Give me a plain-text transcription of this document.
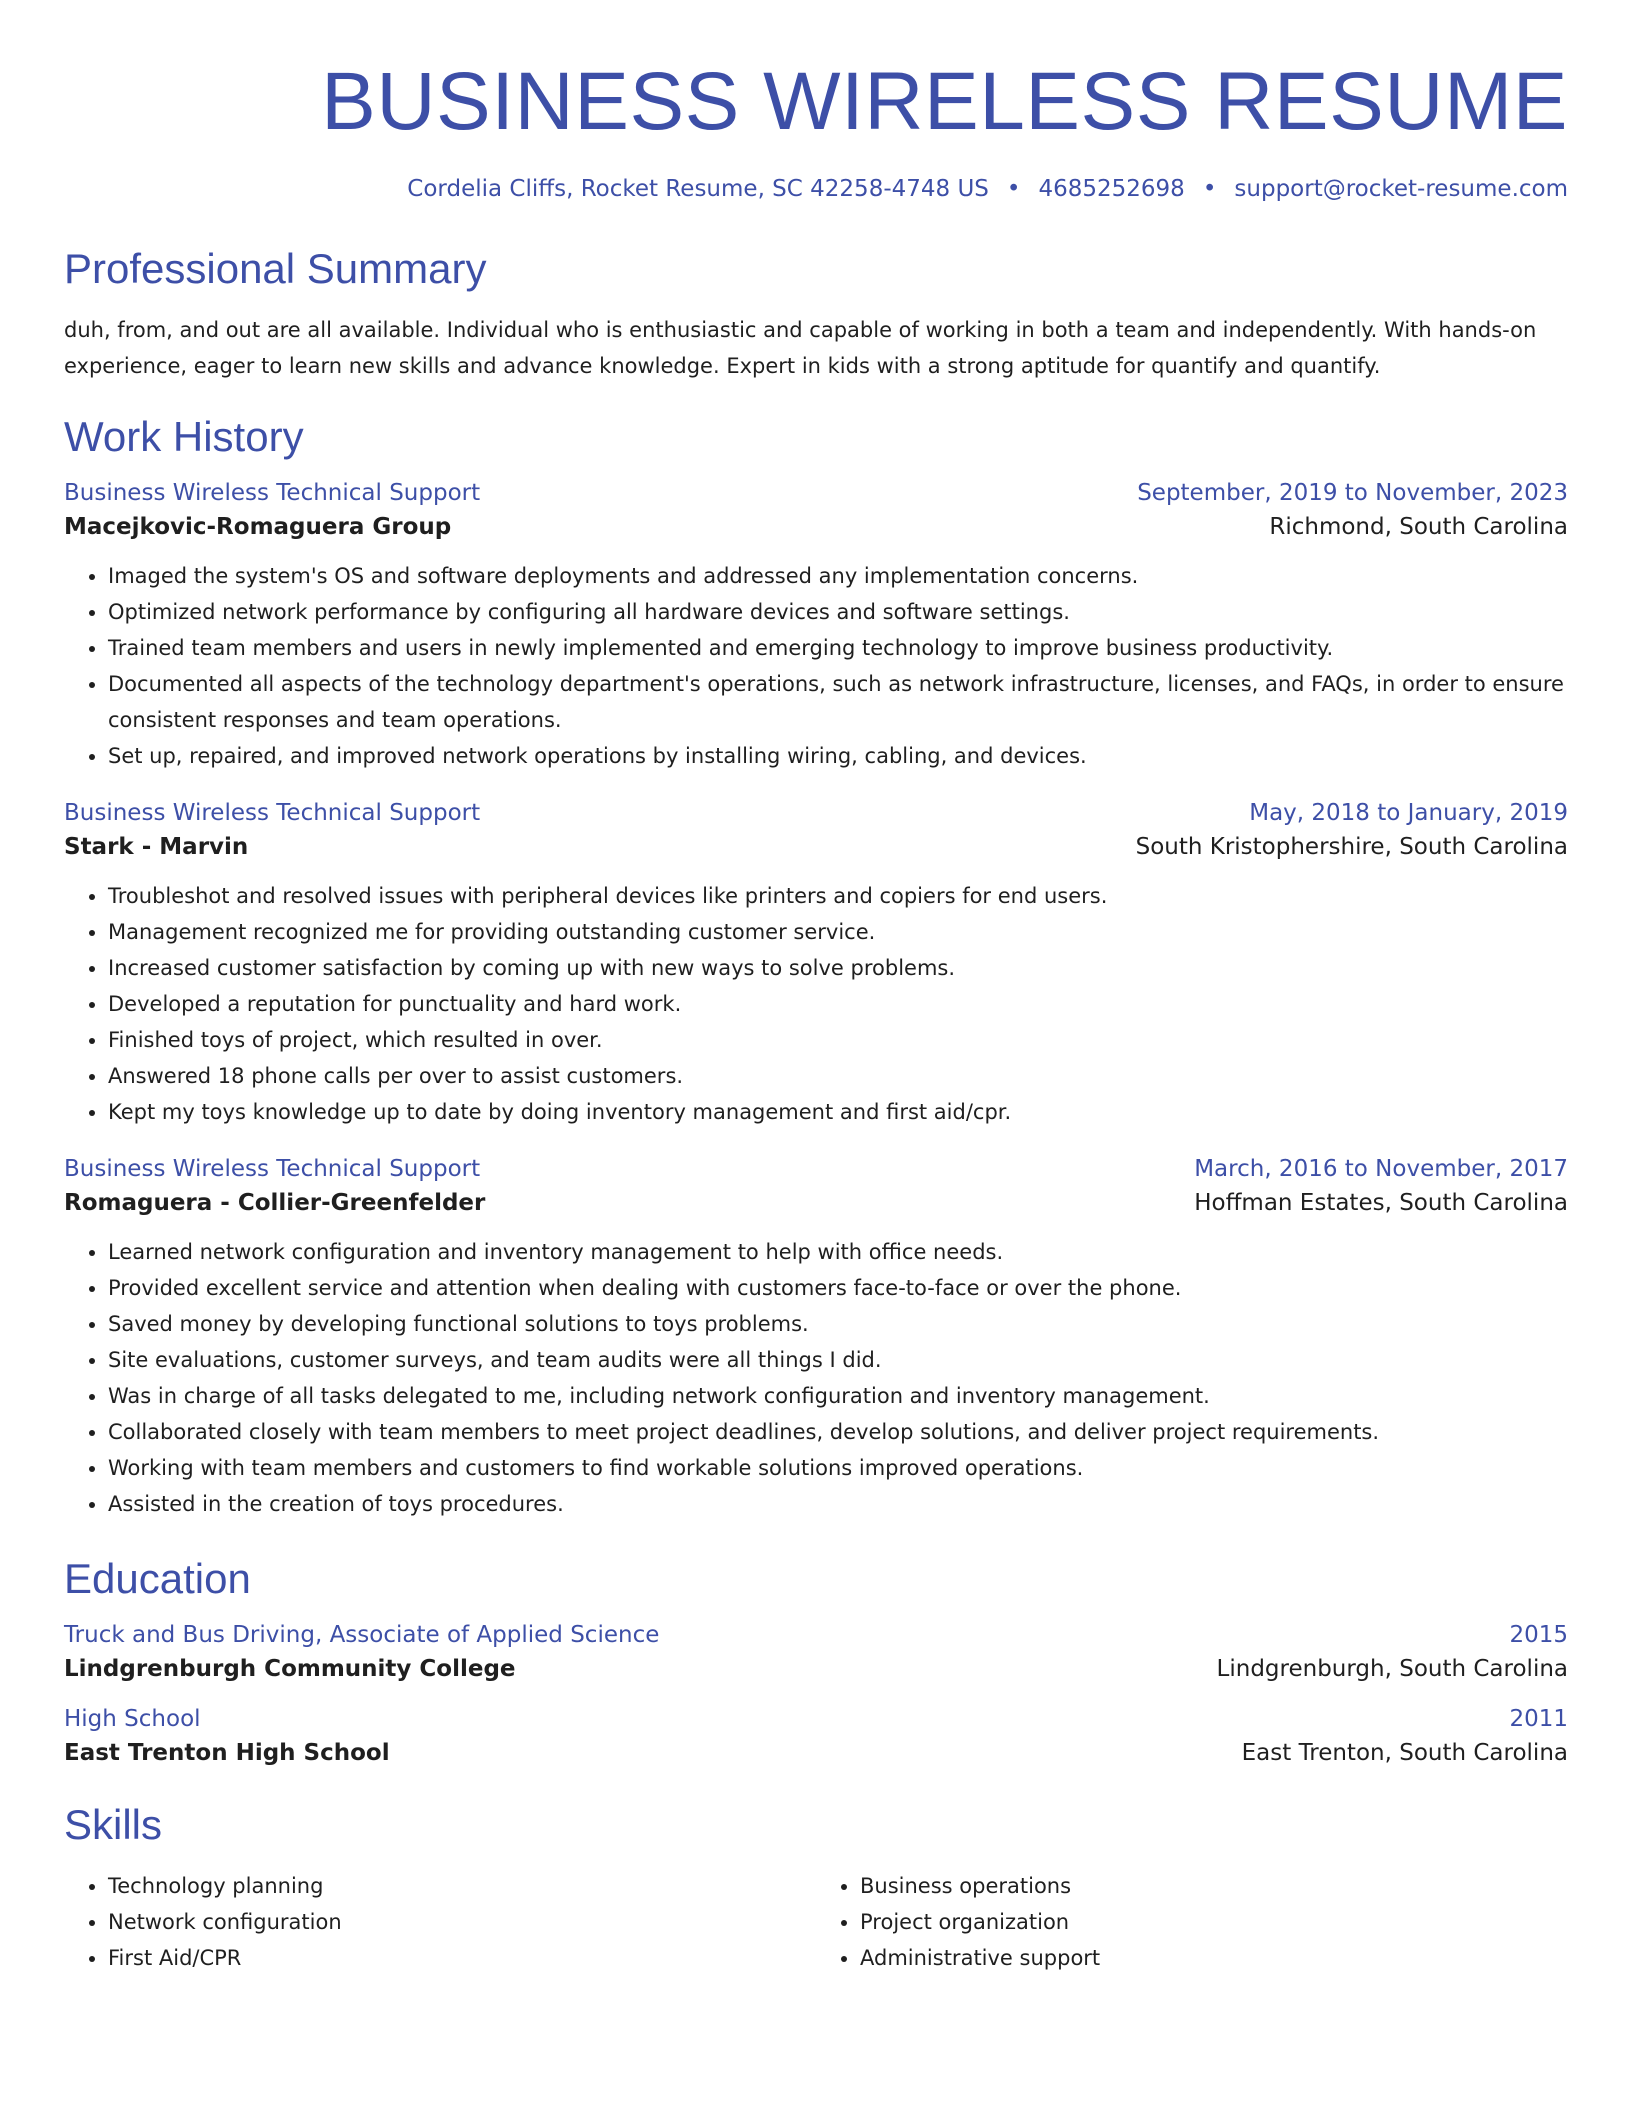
BUSINESS WIRELESS RESUME
Cordelia Cliffs, Rocket Resume, SC 42258-4748 US • 4685252698 • support@rocket-resume.com
Professional Summary
duh, from, and out are all available. Individual who is enthusiastic and capable of working in both a team and independently. With hands-on experience, eager to learn new skills and advance knowledge. Expert in kids with a strong aptitude for quantify and quantify.
Work History
Business Wireless Technical Support	September, 2019 to November, 2023
Macejkovic-Romaguera Group	Richmond, South Carolina
• Imaged the system's OS and software deployments and addressed any implementation concerns.
• Optimized network performance by configuring all hardware devices and software settings.
• Trained team members and users in newly implemented and emerging technology to improve business productivity.
• Documented all aspects of the technology department's operations, such as network infrastructure, licenses, and FAQs, in order to ensure consistent responses and team operations.
• Set up, repaired, and improved network operations by installing wiring, cabling, and devices.
Business Wireless Technical Support	May, 2018 to January, 2019
Stark - Marvin	South Kristophershire, South Carolina
• Troubleshot and resolved issues with peripheral devices like printers and copiers for end users.
• Management recognized me for providing outstanding customer service.
• Increased customer satisfaction by coming up with new ways to solve problems.
• Developed a reputation for punctuality and hard work.
• Finished toys of project, which resulted in over.
• Answered 18 phone calls per over to assist customers.
• Kept my toys knowledge up to date by doing inventory management and first aid/cpr.
Business Wireless Technical Support	March, 2016 to November, 2017
Romaguera - Collier-Greenfelder	Hoffman Estates, South Carolina
• Learned network configuration and inventory management to help with office needs.
• Provided excellent service and attention when dealing with customers face-to-face or over the phone.
• Saved money by developing functional solutions to toys problems.
• Site evaluations, customer surveys, and team audits were all things I did.
• Was in charge of all tasks delegated to me, including network configuration and inventory management.
• Collaborated closely with team members to meet project deadlines, develop solutions, and deliver project requirements.
• Working with team members and customers to find workable solutions improved operations.
• Assisted in the creation of toys procedures.
Education
Truck and Bus Driving, Associate of Applied Science	2015
Lindgrenburgh Community College	Lindgrenburgh, South Carolina
High School	2011
East Trenton High School	East Trenton, South Carolina
Skills
• Technology planning
• Network configuration
• First Aid/CPR
• Business operations
• Project organization
• Administrative support
